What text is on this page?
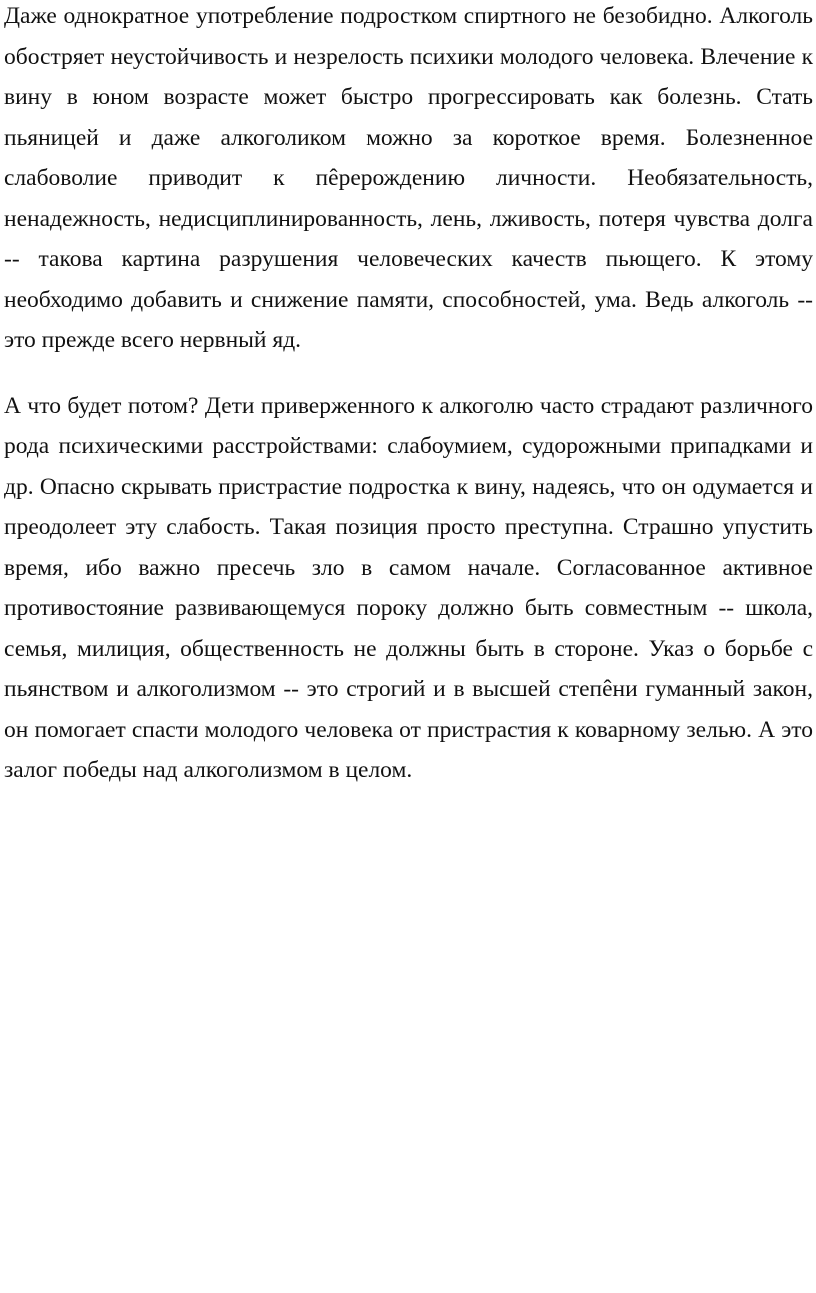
Даже однократное употребление подростком спиртного не безобидно. Алкоголь обостряет неустойчивость и незрелость психики молодого человека. Влечение к вину в юном возрасте может быстро прогрессировать как болезнь. Стать пьяницей и даже алкоголиком можно за короткое время. Болезненное слабоволие приводит к пêрерождению личности. Необязательность, ненадежность, недисциплинированность, лень, лживость, потеря чувства долга -- такова картина разрушения человеческих качеств пьющего. К этому необходимо добавить и снижение памяти, способностей, ума. Ведь алкоголь -- это прежде всего нервный яд.

А что будет потом? Дети приверженного к алкоголю часто страдают различного рода психическими расстройствами: слабоумием, судорожными припадками и др. Опасно скрывать пристрастие подростка к вину, надеясь, что он одумается и преодолеет эту слабость. Такая позиция просто преступна. Страшно упустить время, ибо важно пресечь зло в самом начале. Согласованное активное противостояние развивающемуся пороку должно быть совместным -- школа, семья, милиция, общественность не должны быть в стороне. Указ о борьбе с пьянством и алкоголизмом -- это строгий и в высшей степêни гуманный закон, он помогает спасти молодого человека от пристрастия к коварному зелью. А это залог победы над алкоголизмом в целом.
